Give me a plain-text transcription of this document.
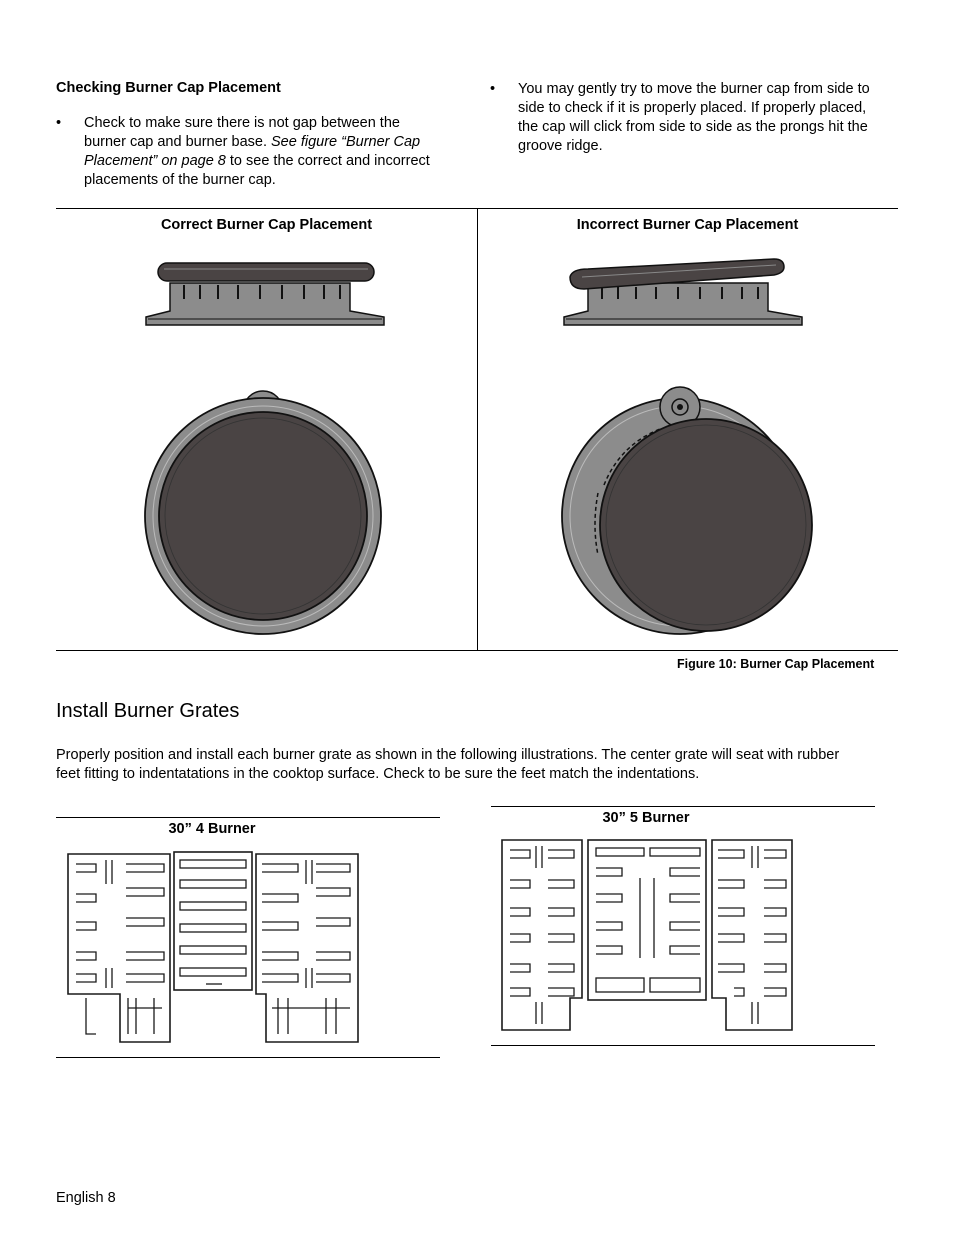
Checking Burner Cap Placement
• Check to make sure there is not gap between the
burner cap and burner base. See figure “Burner Cap
Placement” on page 8 to see the correct and incorrect
placements of the burner cap.
• You may gently try to move the burner cap from side to
side to check if it is properly placed. If properly placed,
the cap will click from side to side as the prongs hit the
groove ridge.
Correct Burner Cap Placement	Incorrect Burner Cap Placement
Figure 10: Burner Cap Placement
Install Burner Grates
Properly position and install each burner grate as shown in the following illustrations. The center grate will seat with rubber
feet fitting to indentatations in the cooktop surface. Check to be sure the feet match the indentations.
30” 4 Burner
30” 5 Burner
English 8
